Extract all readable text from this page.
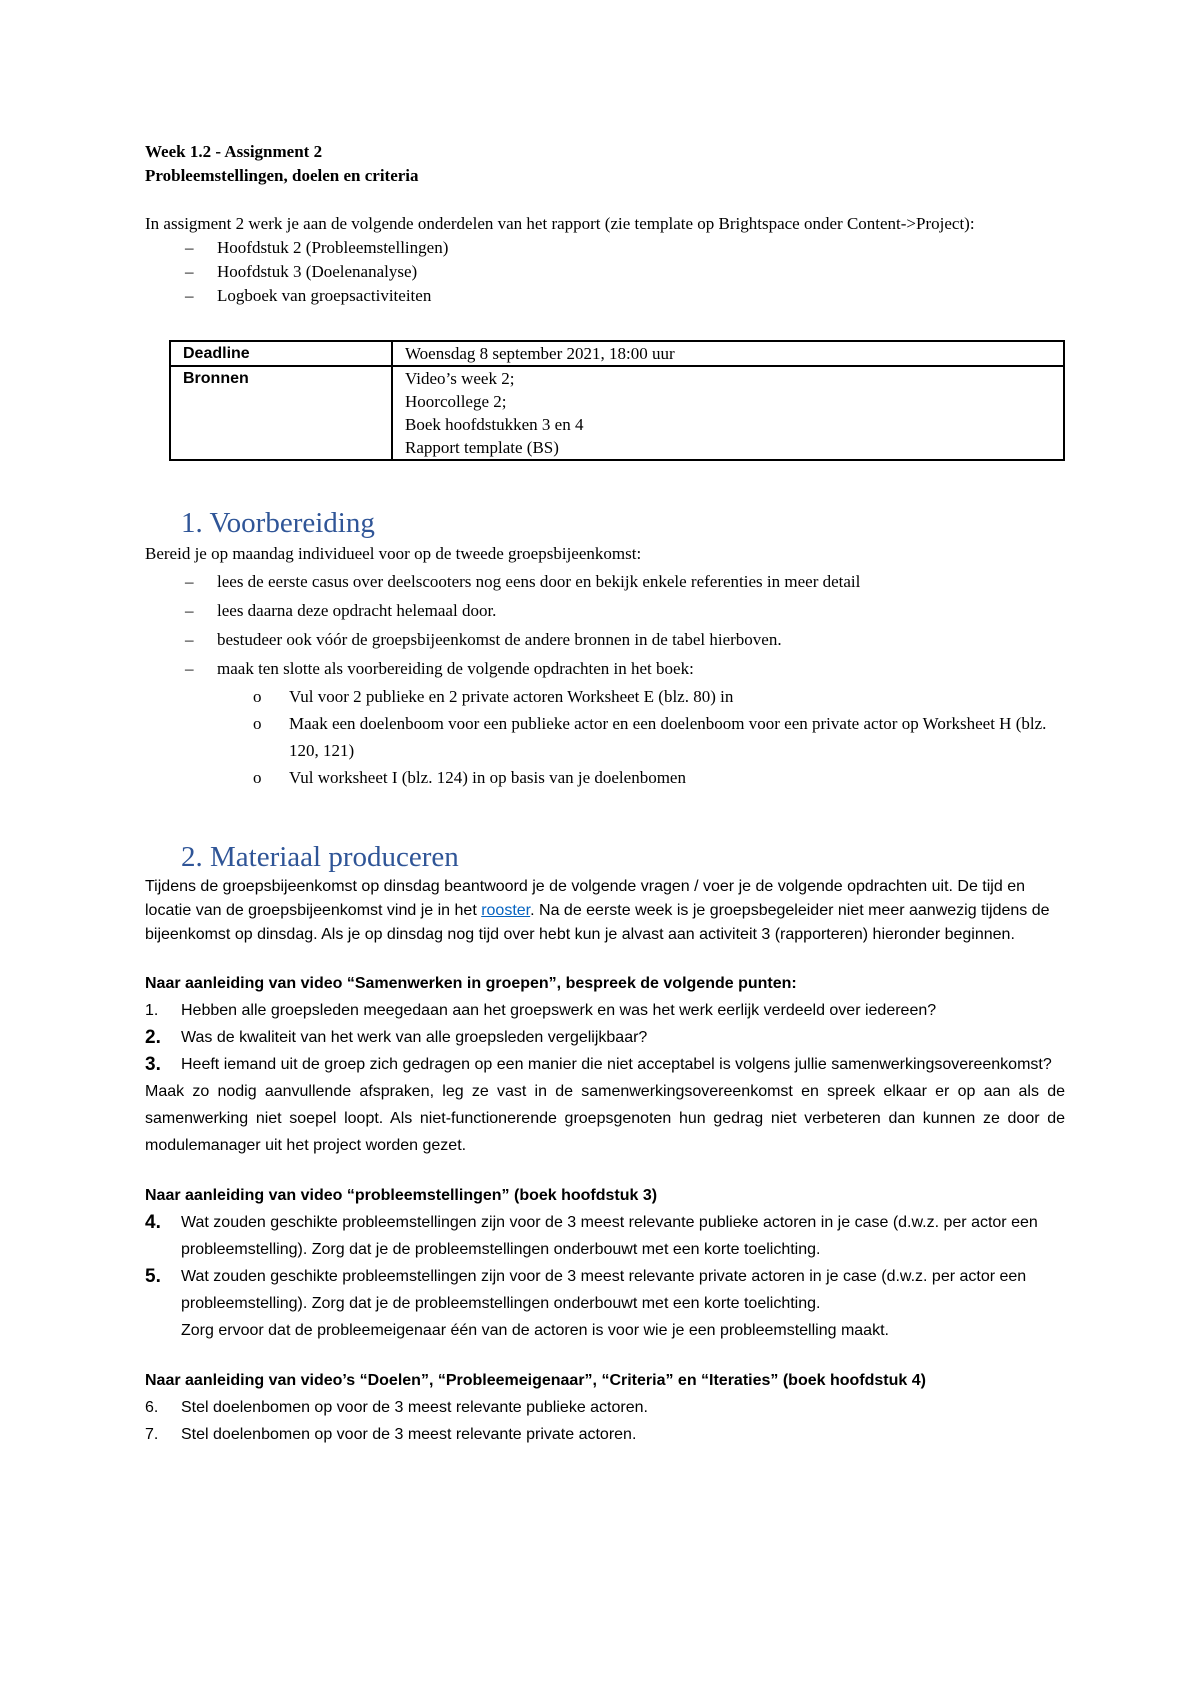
Week 1.2 - Assignment 2
Probleemstellingen, doelen en criteria
In assigment 2 werk je aan de volgende onderdelen van het rapport (zie template op Brightspace onder Content->Project):
– Hoofdstuk 2 (Probleemstellingen)
– Hoofdstuk 3 (Doelenanalyse)
– Logboek van groepsactiviteiten
Deadline	Woensdag 8 september 2021, 18:00 uur
Bronnen	Video’s week 2;
Hoorcollege 2;
Boek hoofdstukken 3 en 4
Rapport template (BS)
1. Voorbereiding
Bereid je op maandag individueel voor op de tweede groepsbijeenkomst:
– lees de eerste casus over deelscooters nog eens door en bekijk enkele referenties in meer detail
– lees daarna deze opdracht helemaal door.
– bestudeer ook vóór de groepsbijeenkomst de andere bronnen in de tabel hierboven.
– maak ten slotte als voorbereiding de volgende opdrachten in het boek:
o Vul voor 2 publieke en 2 private actoren Worksheet E (blz. 80) in
o Maak een doelenboom voor een publieke actor en een doelenboom voor een private actor op Worksheet H (blz. 120, 121)
o Vul worksheet I (blz. 124) in op basis van je doelenbomen
2. Materiaal produceren
Tijdens de groepsbijeenkomst op dinsdag beantwoord je de volgende vragen / voer je de volgende opdrachten uit. De tijd en locatie van de groepsbijeenkomst vind je in het rooster. Na de eerste week is je groepsbegeleider niet meer aanwezig tijdens de bijeenkomst op dinsdag. Als je op dinsdag nog tijd over hebt kun je alvast aan activiteit 3 (rapporteren) hieronder beginnen.
Naar aanleiding van video “Samenwerken in groepen”, bespreek de volgende punten:
1. Hebben alle groepsleden meegedaan aan het groepswerk en was het werk eerlijk verdeeld over iedereen?
2. Was de kwaliteit van het werk van alle groepsleden vergelijkbaar?
3. Heeft iemand uit de groep zich gedragen op een manier die niet acceptabel is volgens jullie samenwerkingsovereenkomst?
Maak zo nodig aanvullende afspraken, leg ze vast in de samenwerkingsovereenkomst en spreek elkaar er op aan als de samenwerking niet soepel loopt. Als niet-functionerende groepsgenoten hun gedrag niet verbeteren dan kunnen ze door de modulemanager uit het project worden gezet.
Naar aanleiding van video “probleemstellingen” (boek hoofdstuk 3)
4. Wat zouden geschikte probleemstellingen zijn voor de 3 meest relevante publieke actoren in je case (d.w.z. per actor een probleemstelling). Zorg dat je de probleemstellingen onderbouwt met een korte toelichting.
5. Wat zouden geschikte probleemstellingen zijn voor de 3 meest relevante private actoren in je case (d.w.z. per actor een probleemstelling). Zorg dat je de probleemstellingen onderbouwt met een korte toelichting.
Zorg ervoor dat de probleemeigenaar één van de actoren is voor wie je een probleemstelling maakt.
Naar aanleiding van video’s “Doelen”, “Probleemeigenaar”, “Criteria” en “Iteraties” (boek hoofdstuk 4)
6. Stel doelenbomen op voor de 3 meest relevante publieke actoren.
7. Stel doelenbomen op voor de 3 meest relevante private actoren.
